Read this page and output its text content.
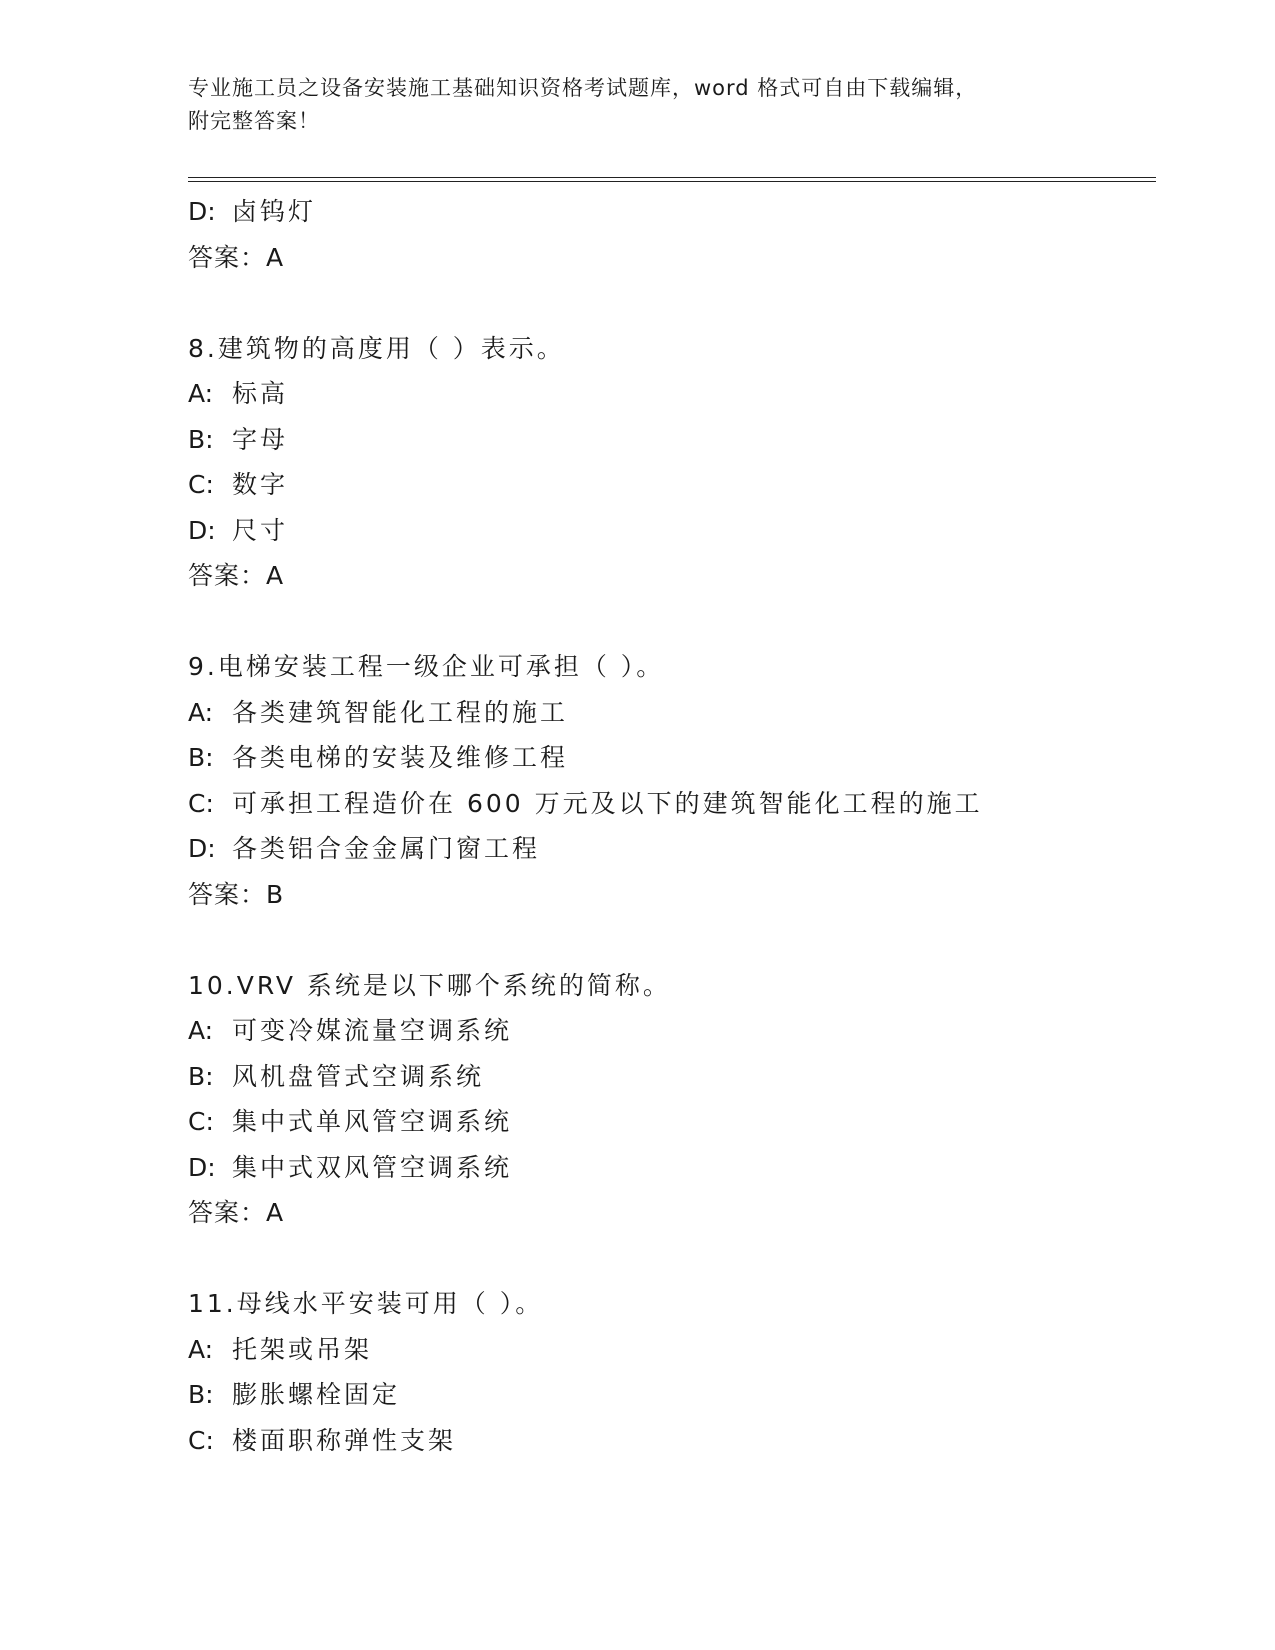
专业施工员之设备安装施工基础知识资格考试题库，word 格式可自由下载编辑，
附完整答案！
D: 卤钨灯
答案：A
8.建筑物的高度用（ ）表示。
A: 标高
B: 字母
C: 数字
D: 尺寸
答案：A
9.电梯安装工程一级企业可承担（ ）。
A: 各类建筑智能化工程的施工
B: 各类电梯的安装及维修工程
C: 可承担工程造价在 600 万元及以下的建筑智能化工程的施工
D: 各类铝合金金属门窗工程
答案：B
10.VRV 系统是以下哪个系统的简称。
A: 可变冷媒流量空调系统
B: 风机盘管式空调系统
C: 集中式单风管空调系统
D: 集中式双风管空调系统
答案：A
11.母线水平安装可用（ ）。
A: 托架或吊架
B: 膨胀螺栓固定
C: 楼面职称弹性支架
